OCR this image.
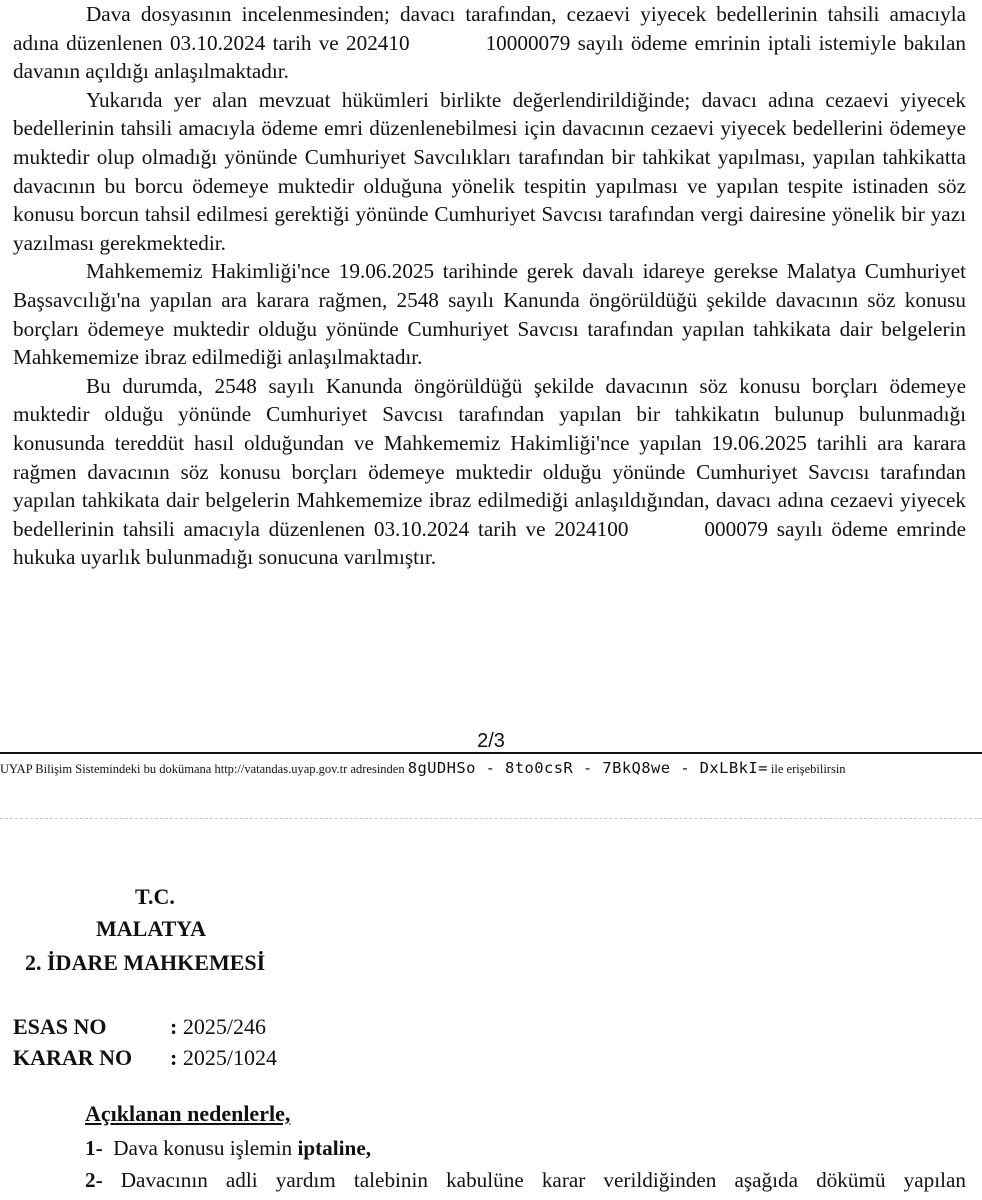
Dava dosyasının incelenmesinden; davacı tarafından, cezaevi yiyecek bedellerinin tahsili amacıyla adına düzenlenen 03.10.2024 tarih ve 202410	10000079 sayılı ödeme emrinin iptali istemiyle bakılan davanın açıldığı anlaşılmaktadır.

Yukarıda yer alan mevzuat hükümleri birlikte değerlendirildiğinde; davacı adına cezaevi yiyecek bedellerinin tahsili amacıyla ödeme emri düzenlenebilmesi için davacının cezaevi yiyecek bedellerini ödemeye muktedir olup olmadığı yönünde Cumhuriyet Savcılıkları tarafından bir tahkikat yapılması, yapılan tahkikatta davacının bu borcu ödemeye muktedir olduğuna yönelik tespitin yapılması ve yapılan tespite istinaden söz konusu borcun tahsil edilmesi gerektiği yönünde Cumhuriyet Savcısı tarafından vergi dairesine yönelik bir yazı yazılması gerekmektedir.

Mahkememiz Hakimliği'nce 19.06.2025 tarihinde gerek davalı idareye gerekse Malatya Cumhuriyet Başsavcılığı'na yapılan ara karara rağmen, 2548 sayılı Kanunda öngörüldüğü şekilde davacının söz konusu borçları ödemeye muktedir olduğu yönünde Cumhuriyet Savcısı tarafından yapılan tahkikata dair belgelerin Mahkememize ibraz edilmediği anlaşılmaktadır.

Bu durumda, 2548 sayılı Kanunda öngörüldüğü şekilde davacının söz konusu borçları ödemeye muktedir olduğu yönünde Cumhuriyet Savcısı tarafından yapılan bir tahkikatın bulunup bulunmadığı konusunda tereddüt hasıl olduğundan ve Mahkememiz Hakimliği'nce yapılan 19.06.2025 tarihli ara karara rağmen davacının söz konusu borçları ödemeye muktedir olduğu yönünde Cumhuriyet Savcısı tarafından yapılan tahkikata dair belgelerin Mahkememize ibraz edilmediği anlaşıldığından, davacı adına cezaevi yiyecek bedellerinin tahsili amacıyla düzenlenen 03.10.2024 tarih ve 2024100	000079 sayılı ödeme emrinde hukuka uyarlık bulunmadığı sonucuna varılmıştır.

2/3
UYAP Bilişim Sistemindeki bu dokümana http://vatandas.uyap.gov.tr adresinden 8gUDHSo - 8to0csR - 7BkQ8we - DxLBkI= ile erişebilirsin
T.C.
MALATYA
2. İDARE MAHKEMESİ
ESAS NO	: 2025/246
KARAR NO : 2025/1024
Açıklanan nedenlerle,
1- Dava konusu işlemin iptaline,
2- Davacının adli yardım talebinin kabulüne karar verildiğinden aşağıda dökümü yapılan
